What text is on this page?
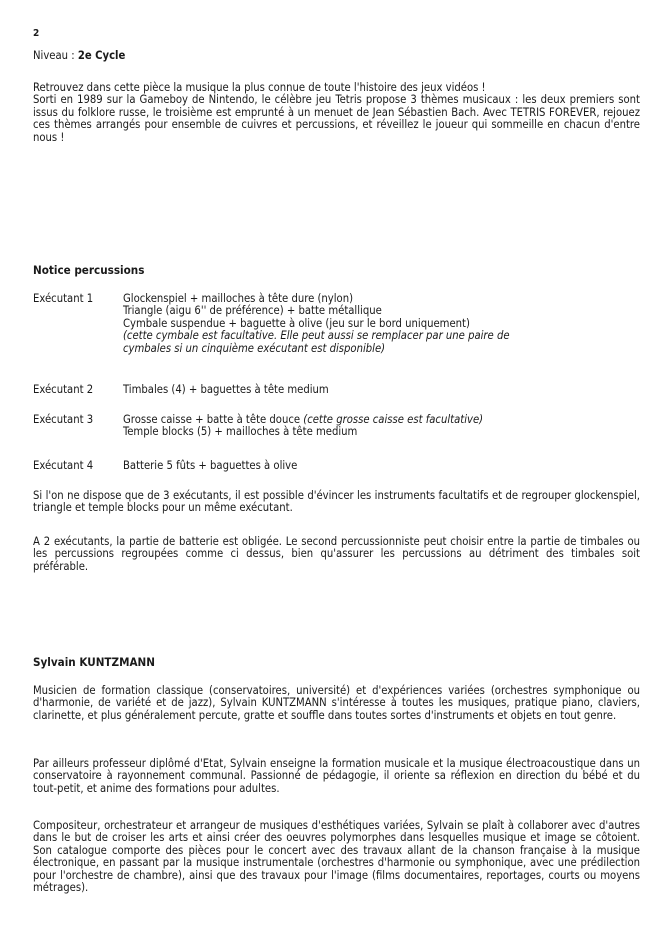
2
Niveau : 2e Cycle

Retrouvez dans cette pièce la musique la plus connue de toute l'histoire des jeux vidéos !

Sorti en 1989 sur la Gameboy de Nintendo, le célèbre jeu Tetris propose 3 thèmes musicaux : les deux premiers sont issus du folklore russe, le troisième est emprunté à un menuet de Jean Sébastien Bach. Avec TETRIS FOREVER, rejouez ces thèmes arrangés pour ensemble de cuivres et percussions, et réveillez le joueur qui sommeille en chacun d'entre nous !

Notice percussions
Exécutant 1	Glockenspiel + mailloches à tête dure (nylon)
Triangle (aigu 6'' de préférence) + batte métallique
Cymbale suspendue + baguette à olive (jeu sur le bord uniquement)
(cette cymbale est facultative. Elle peut aussi se remplacer par une paire de
cymbales si un cinquième exécutant est disponible)
Exécutant 2	Timbales (4) + baguettes à tête medium
Exécutant 3	Grosse caisse + batte à tête douce (cette grosse caisse est facultative)
Temple blocks (5) + mailloches à tête medium
Exécutant 4	Batterie 5 fûts + baguettes à olive

Si l'on ne dispose que de 3 exécutants, il est possible d'évincer les instruments facultatifs et de regrouper glockenspiel, triangle et temple blocks pour un même exécutant.

A 2 exécutants, la partie de batterie est obligée. Le second percussionniste peut choisir entre la partie de timbales ou les percussions regroupées comme ci dessus, bien qu'assurer les percussions au détriment des timbales soit préférable.

Sylvain KUNTZMANN

Musicien de formation classique (conservatoires, université) et d'expériences variées (orchestres symphonique ou d'harmonie, de variété et de jazz), Sylvain KUNTZMANN s'intéresse à toutes les musiques, pratique piano, claviers, clarinette, et plus généralement percute, gratte et souffle dans toutes sortes d'instruments et objets en tout genre.

Par ailleurs professeur diplômé d'Etat, Sylvain enseigne la formation musicale et la musique électroacoustique dans un conservatoire à rayonnement communal. Passionné de pédagogie, il oriente sa réflexion en direction du bébé et du tout-petit, et anime des formations pour adultes.

Compositeur, orchestrateur et arrangeur de musiques d'esthétiques variées, Sylvain se plaît à collaborer avec d'autres dans le but de croiser les arts et ainsi créer des oeuvres polymorphes dans lesquelles musique et image se côtoient. Son catalogue comporte des pièces pour le concert avec des travaux allant de la chanson française à la musique électronique, en passant par la musique instrumentale (orchestres d'harmonie ou symphonique, avec une prédilection pour l'orchestre de chambre), ainsi que des travaux pour l'image (films documentaires, reportages, courts ou moyens métrages).
